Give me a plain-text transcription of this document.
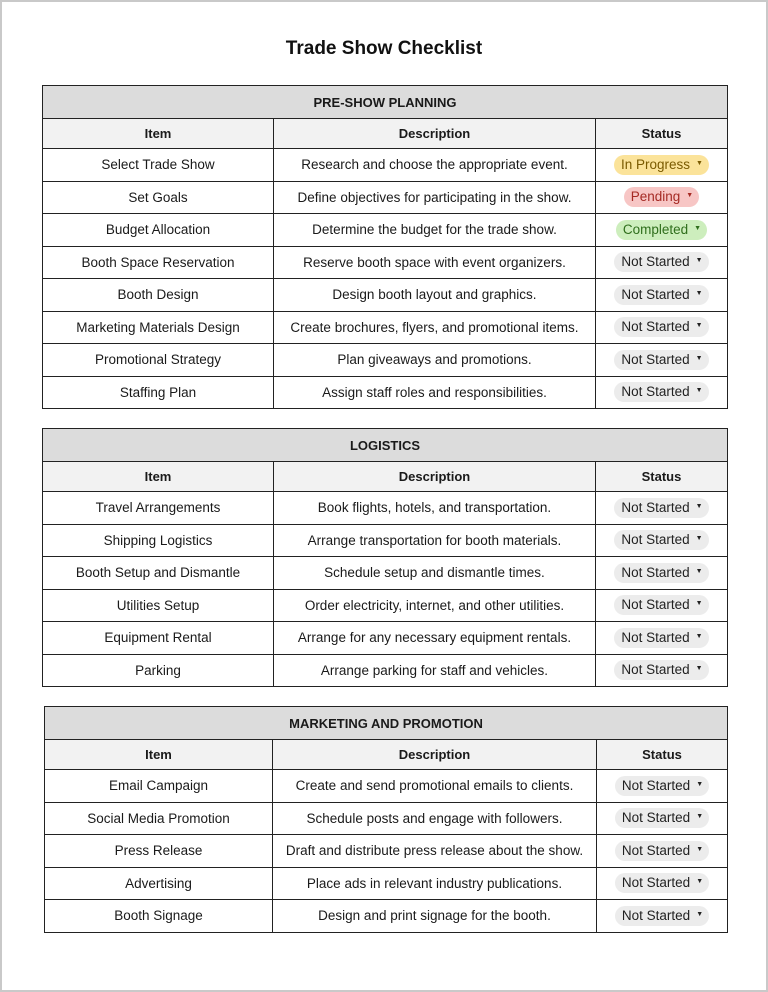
Trade Show Checklist
PRE-SHOW PLANNING		
Item	Description	Status
Select Trade Show	Research and choose the appropriate event.	In Progress ▼
Set Goals	Define objectives for participating in the show.	Pending ▼
Budget Allocation	Determine the budget for the trade show.	Completed ▼
Booth Space Reservation	Reserve booth space with event organizers.	Not Started ▼
Booth Design	Design booth layout and graphics.	Not Started ▼
Marketing Materials Design	Create brochures, flyers, and promotional items.	Not Started ▼
Promotional Strategy	Plan giveaways and promotions.	Not Started ▼
Staffing Plan	Assign staff roles and responsibilities.	Not Started ▼
LOGISTICS		
Item	Description	Status
Travel Arrangements	Book flights, hotels, and transportation.	Not Started ▼
Shipping Logistics	Arrange transportation for booth materials.	Not Started ▼
Booth Setup and Dismantle	Schedule setup and dismantle times.	Not Started ▼
Utilities Setup	Order electricity, internet, and other utilities.	Not Started ▼
Equipment Rental	Arrange for any necessary equipment rentals.	Not Started ▼
Parking	Arrange parking for staff and vehicles.	Not Started ▼
MARKETING AND PROMOTION		
Item	Description	Status
Email Campaign	Create and send promotional emails to clients.	Not Started ▼
Social Media Promotion	Schedule posts and engage with followers.	Not Started ▼
Press Release	Draft and distribute press release about the show.	Not Started ▼
Advertising	Place ads in relevant industry publications.	Not Started ▼
Booth Signage	Design and print signage for the booth.	Not Started ▼
